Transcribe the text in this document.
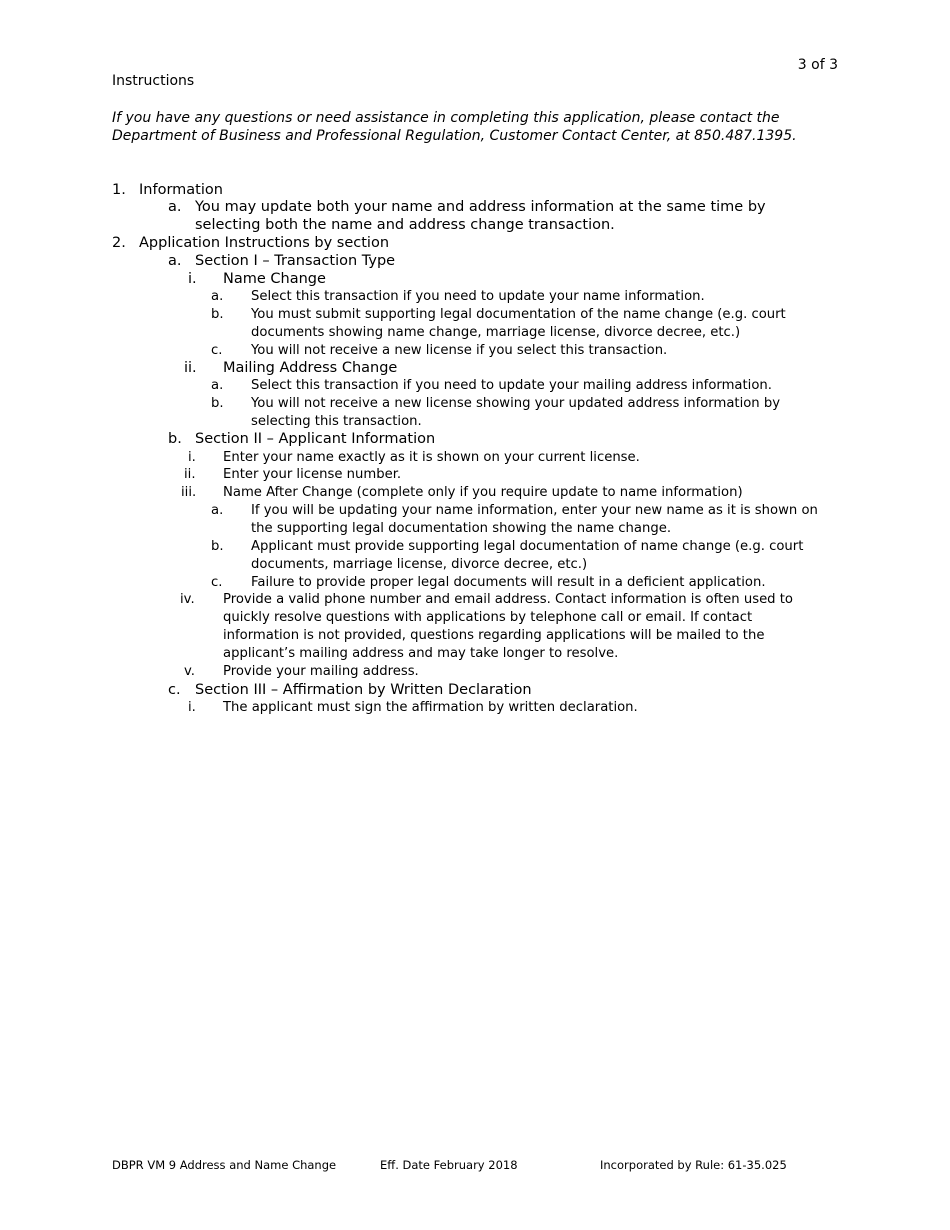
3 of 3
Instructions
If you have any questions or need assistance in completing this application, please contact the Department of Business and Professional Regulation, Customer Contact Center, at 850.487.1395.
1. Information
a. You may update both your name and address information at the same time by selecting both the name and address change transaction.
2. Application Instructions by section
a. Section I – Transaction Type
i. Name Change
a. Select this transaction if you need to update your name information.
b. You must submit supporting legal documentation of the name change (e.g. court documents showing name change, marriage license, divorce decree, etc.)
c. You will not receive a new license if you select this transaction.
ii. Mailing Address Change
a. Select this transaction if you need to update your mailing address information.
b. You will not receive a new license showing your updated address information by selecting this transaction.
b. Section II – Applicant Information
i. Enter your name exactly as it is shown on your current license.
ii. Enter your license number.
iii. Name After Change (complete only if you require update to name information)
a. If you will be updating your name information, enter your new name as it is shown on the supporting legal documentation showing the name change.
b. Applicant must provide supporting legal documentation of name change (e.g. court documents, marriage license, divorce decree, etc.)
c. Failure to provide proper legal documents will result in a deficient application.
iv. Provide a valid phone number and email address. Contact information is often used to quickly resolve questions with applications by telephone call or email. If contact information is not provided, questions regarding applications will be mailed to the applicant’s mailing address and may take longer to resolve.
v. Provide your mailing address.
c. Section III – Affirmation by Written Declaration
i. The applicant must sign the affirmation by written declaration.
DBPR VM 9 Address and Name Change	Eff. Date February 2018	Incorporated by Rule: 61-35.025
